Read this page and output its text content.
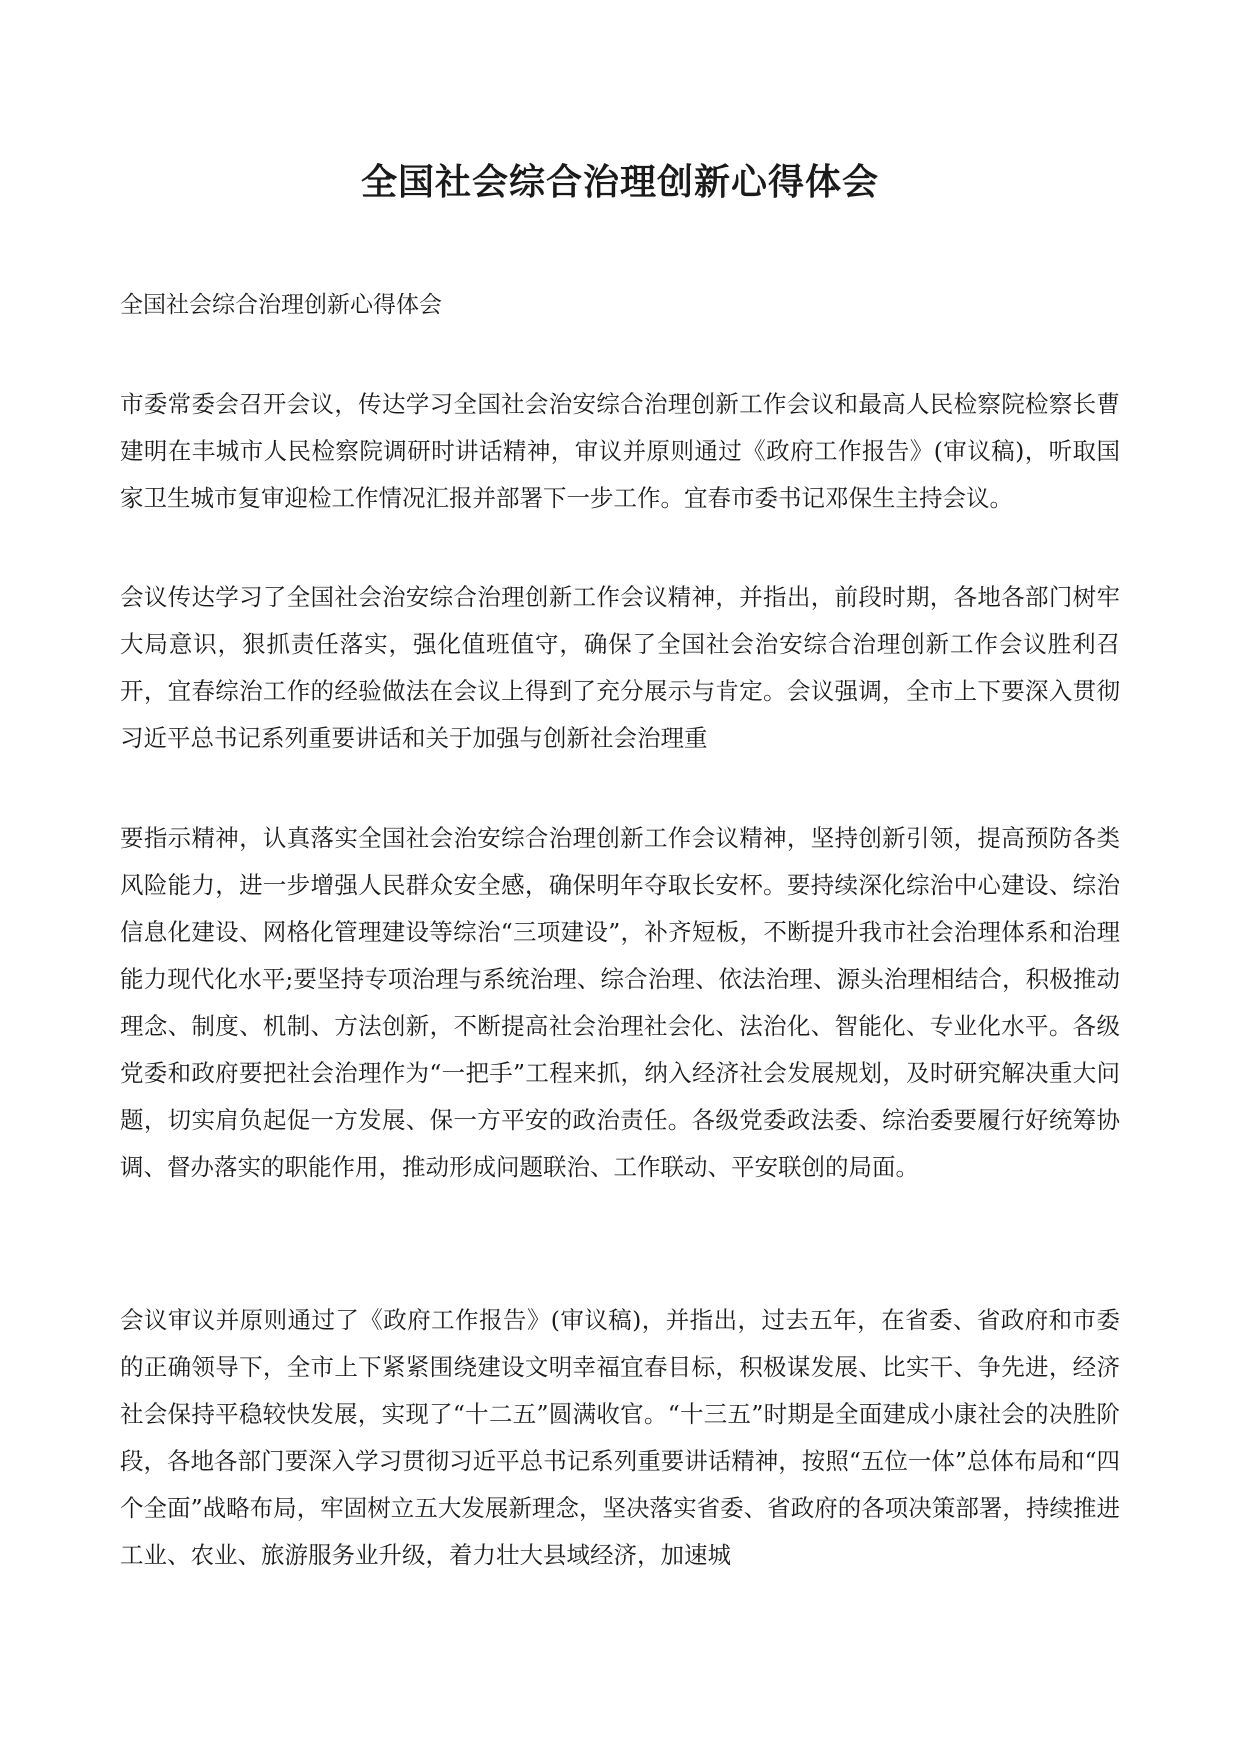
全国社会综合治理创新心得体会

全国社会综合治理创新心得体会

市委常委会召开会议，传达学习全国社会治安综合治理创新工作会议和最高人民检察院检察长曹建明在丰城市人民检察院调研时讲话精神，审议并原则通过《政府工作报告》(审议稿)，听取国家卫生城市复审迎检工作情况汇报并部署下一步工作。宜春市委书记邓保生主持会议。

会议传达学习了全国社会治安综合治理创新工作会议精神，并指出，前段时期，各地各部门树牢大局意识，狠抓责任落实，强化值班值守，确保了全国社会治安综合治理创新工作会议胜利召开，宜春综治工作的经验做法在会议上得到了充分展示与肯定。会议强调，全市上下要深入贯彻习近平总书记系列重要讲话和关于加强与创新社会治理重

要指示精神，认真落实全国社会治安综合治理创新工作会议精神，坚持创新引领，提高预防各类风险能力，进一步增强人民群众安全感，确保明年夺取长安杯。要持续深化综治中心建设、综治信息化建设、网格化管理建设等综治“三项建设”，补齐短板，不断提升我市社会治理体系和治理能力现代化水平;要坚持专项治理与系统治理、综合治理、依法治理、源头治理相结合，积极推动理念、制度、机制、方法创新，不断提高社会治理社会化、法治化、智能化、专业化水平。各级党委和政府要把社会治理作为“一把手”工程来抓，纳入经济社会发展规划，及时研究解决重大问题，切实肩负起促一方发展、保一方平安的政治责任。各级党委政法委、综治委要履行好统筹协调、督办落实的职能作用，推动形成问题联治、工作联动、平安联创的局面。

会议审议并原则通过了《政府工作报告》(审议稿)，并指出，过去五年，在省委、省政府和市委的正确领导下，全市上下紧紧围绕建设文明幸福宜春目标，积极谋发展、比实干、争先进，经济社会保持平稳较快发展，实现了“十二五”圆满收官。“十三五”时期是全面建成小康社会的决胜阶段，各地各部门要深入学习贯彻习近平总书记系列重要讲话精神，按照“五位一体”总体布局和“四个全面”战略布局，牢固树立五大发展新理念，坚决落实省委、省政府的各项决策部署，持续推进工业、农业、旅游服务业升级，着力壮大县域经济，加速城
